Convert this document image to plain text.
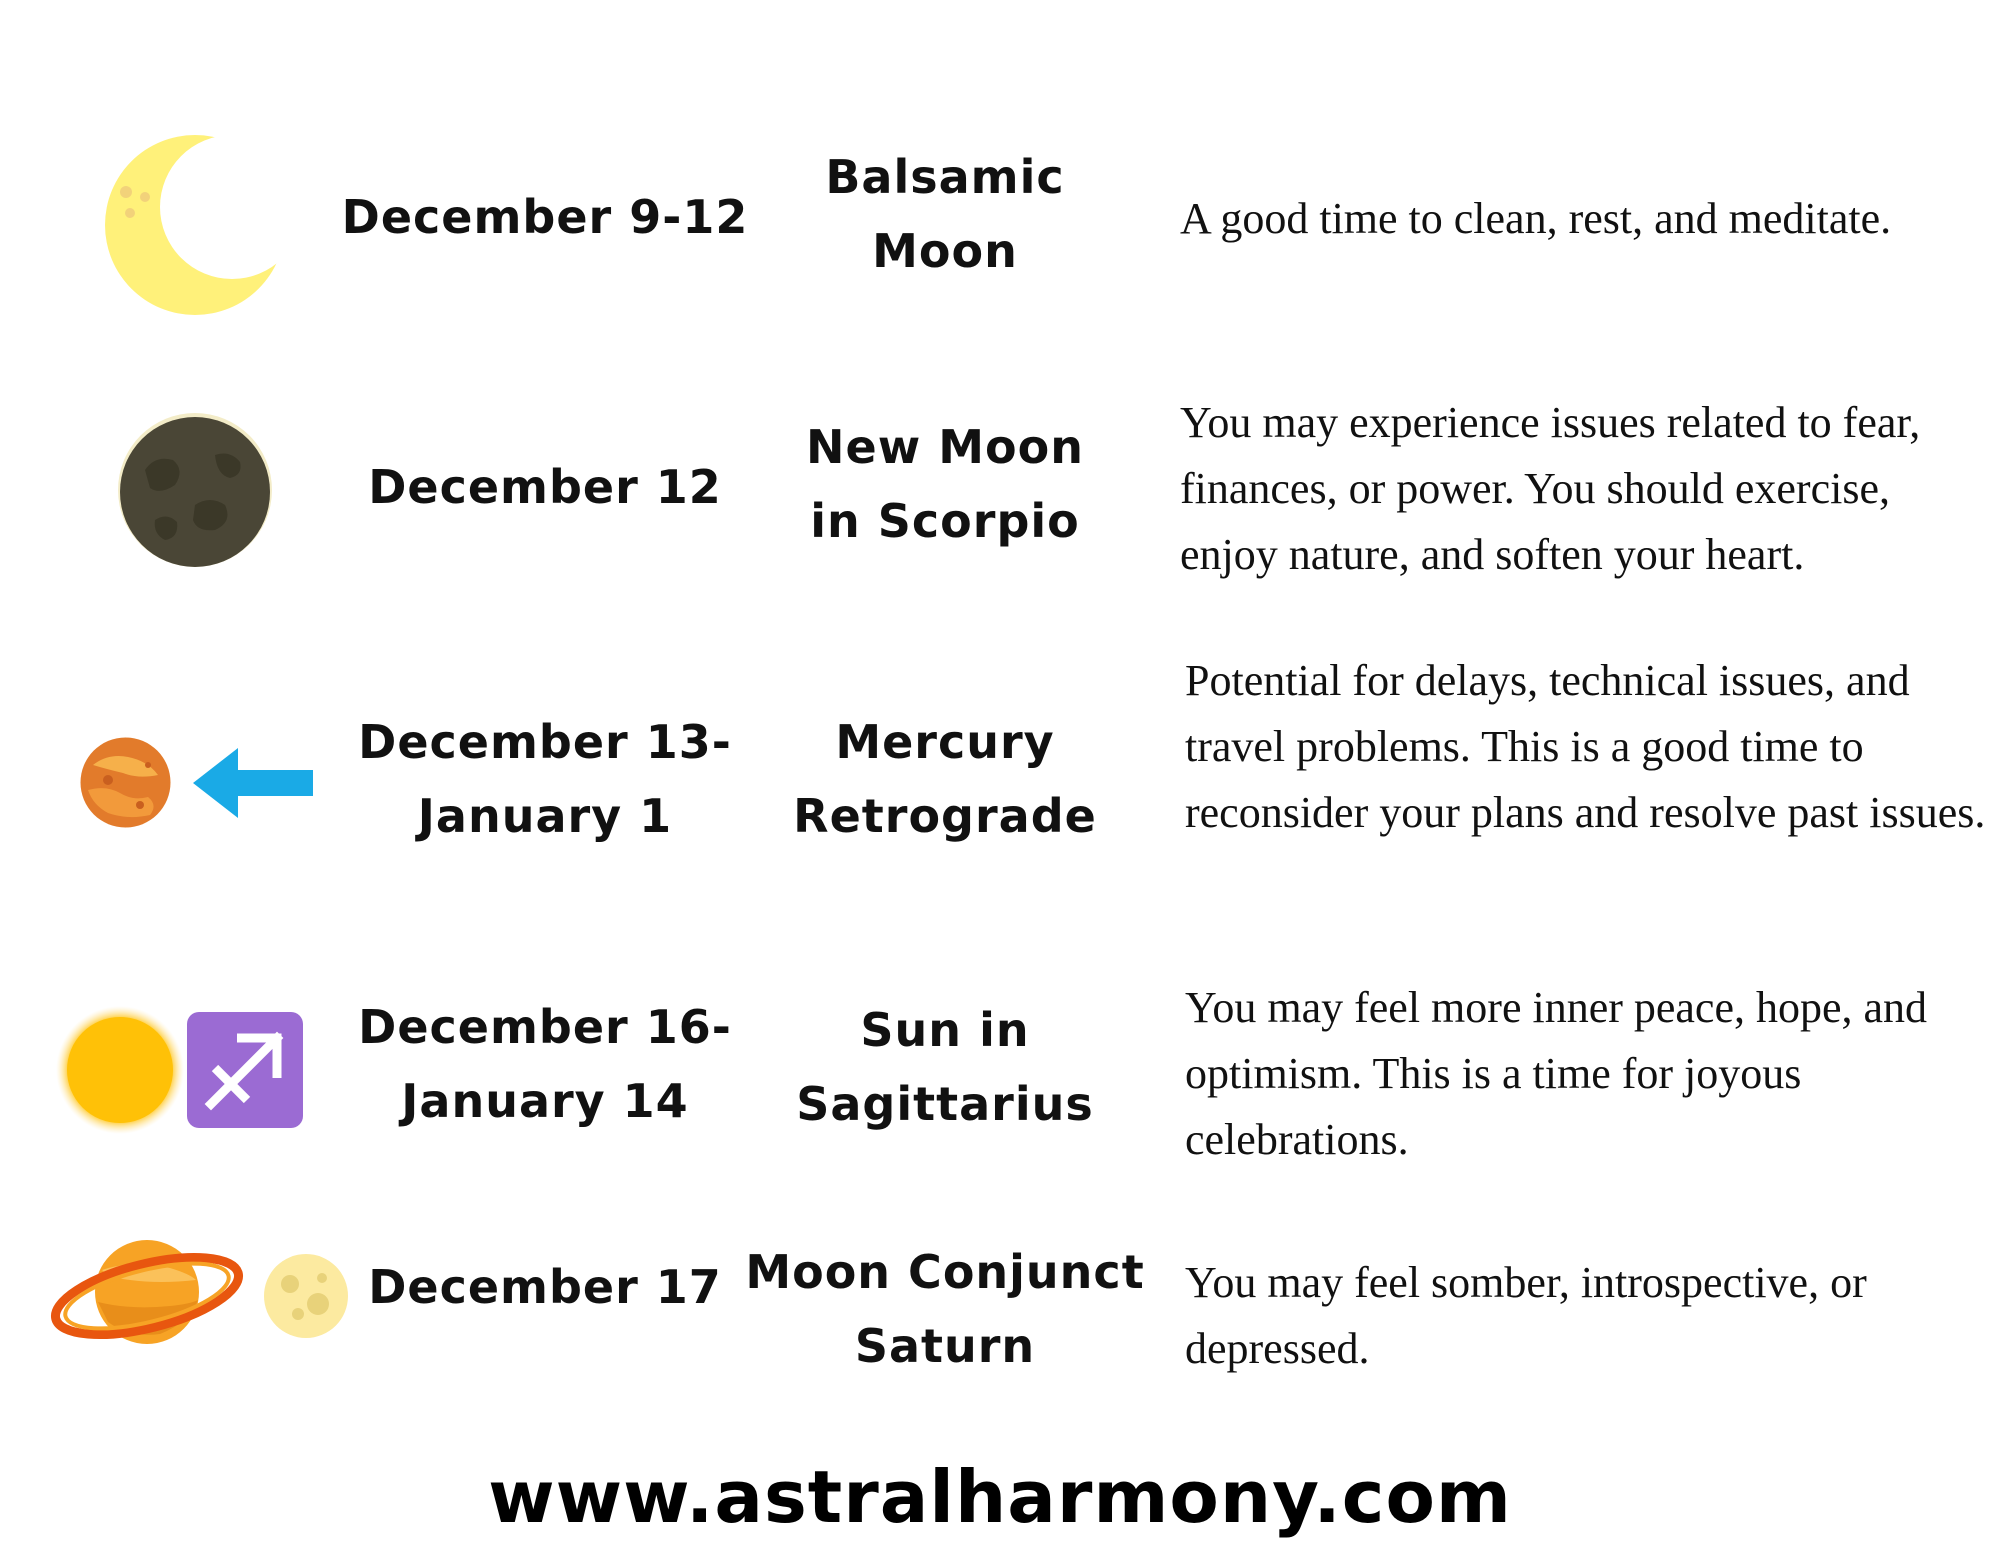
December 9-12
Balsamic
Moon
A good time to clean, rest, and meditate.
December 12
New Moon
in Scorpio
You may experience issues related to fear, finances, or power. You should exercise, enjoy nature, and soften your heart.
December 13-
January 1
Mercury
Retrograde
Potential for delays, technical issues, and travel problems. This is a good time to reconsider your plans and resolve past issues.
December 16-
January 14
Sun in
Sagittarius
You may feel more inner peace, hope, and optimism. This is a time for joyous celebrations.
December 17 Moon Conjunct
Saturn
You may feel somber, introspective, or depressed.
www.astralharmony.com
